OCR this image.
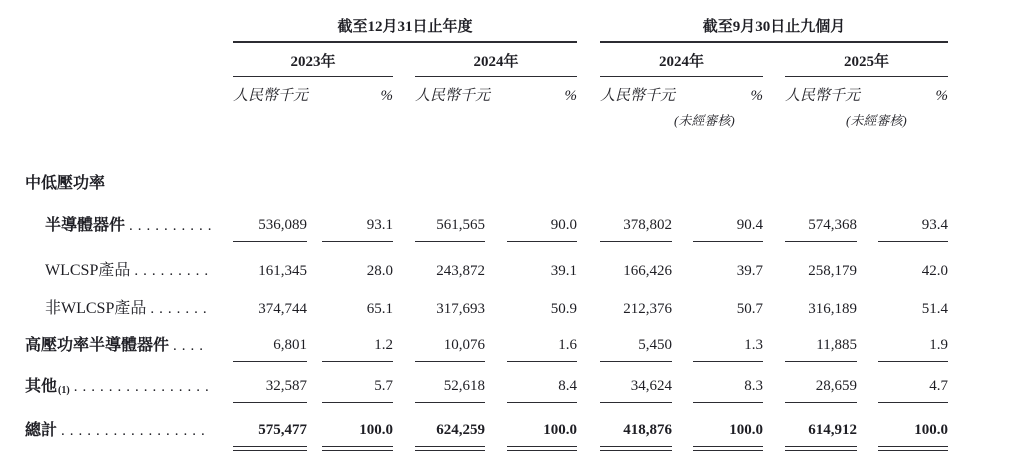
截至12月31日止年度	截至9月30日止九個月
2023年	2024年	2024年	2025年
人民幣千元	% 人民幣千元	% 人民幣千元	% 人民幣千元	%
(未經審核)	(未經審核)
中低壓功率
半導體器件 ..........	536,089	93.1	561,565	90.0	378,802	90.4	574,368	93.4
WLCSP產品 .........	161,345	28.0	243,872	39.1	166,426	39.7	258,179	42.0
非WLCSP產品 .......	374,744	65.1	317,693	50.9	212,376	50.7	316,189	51.4
高壓功率半導體器件 ....	6,801	1.2	10,076	1.6	5,450	1.3	11,885	1.9
其他$_{(1)}$ ................	32,587	5.7	52,618	8.4	34,624	8.3	28,659	4.7
總計 .................	575,477	100.0	624,259	100.0	418,876	100.0	614,912	100.0
